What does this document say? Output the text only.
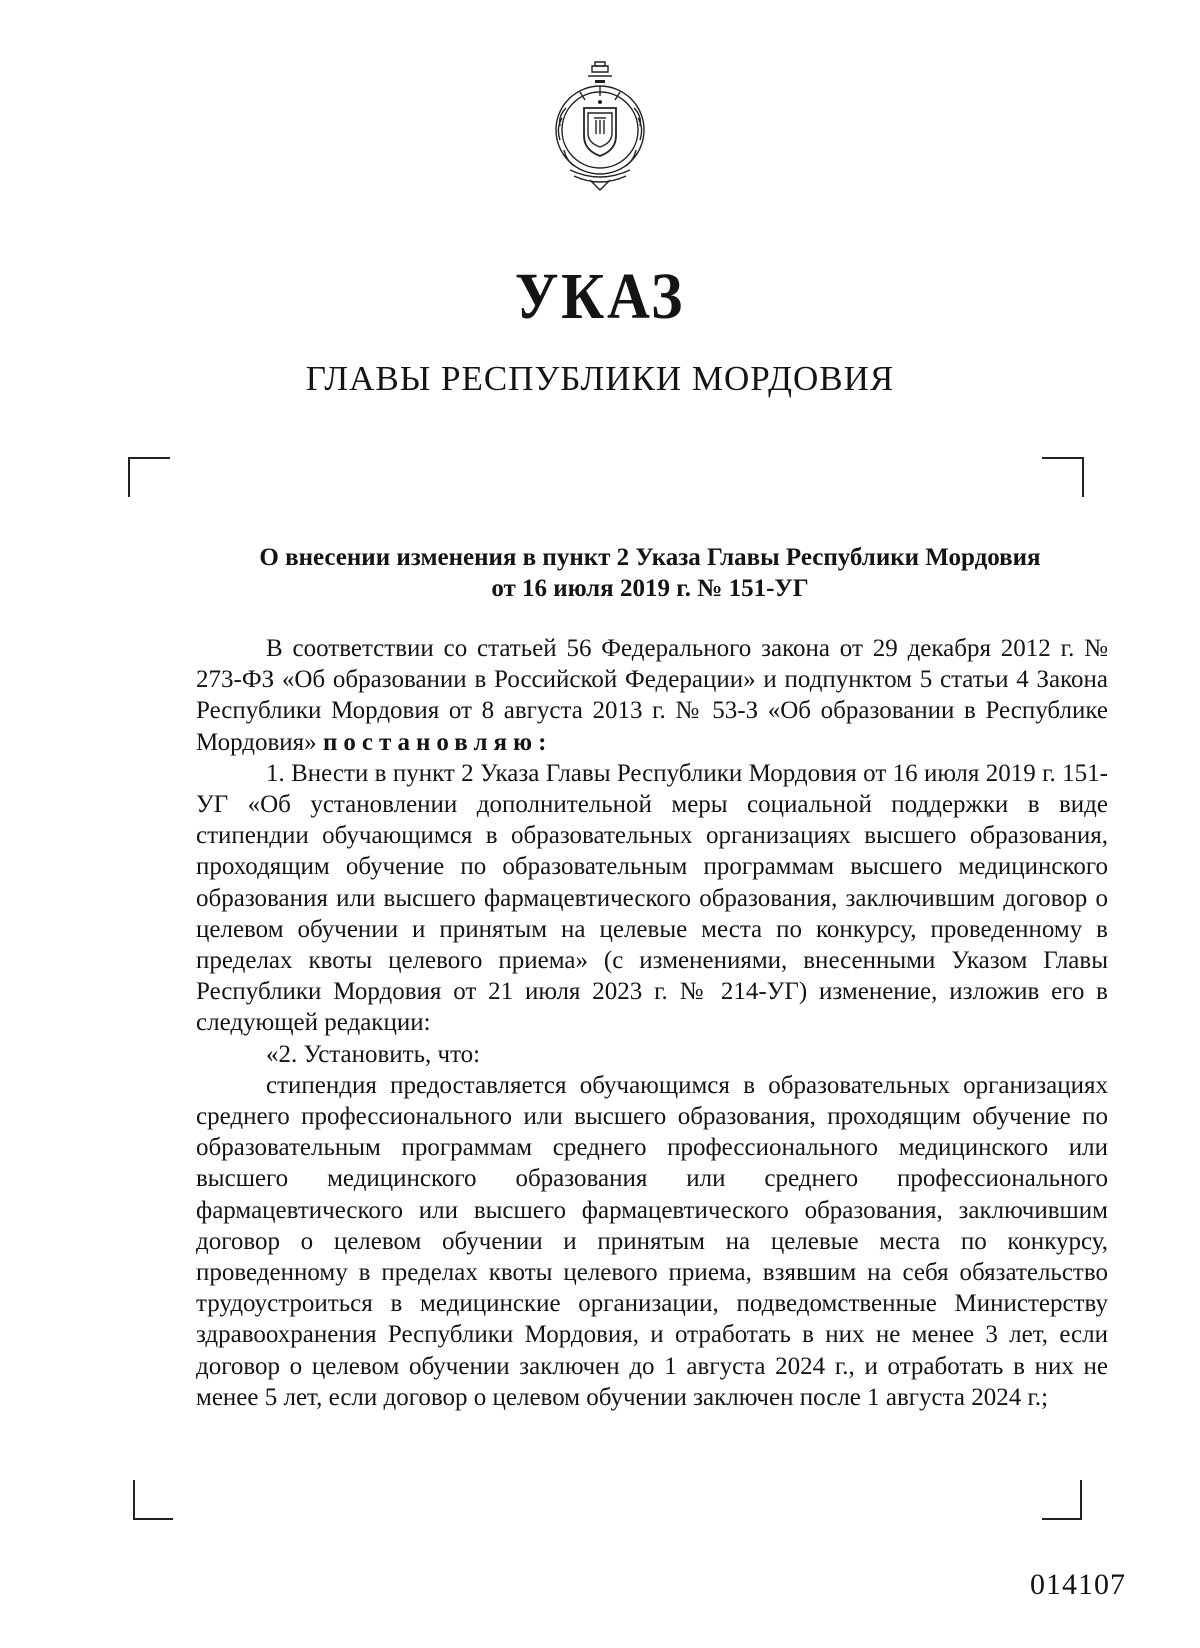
УКАЗ
ГЛАВЫ РЕСПУБЛИКИ МОРДОВИЯ
О внесении изменения в пункт 2 Указа Главы Республики Мордовия
от 16 июля 2019 г. № 151-УГ

В соответствии со статьей 56 Федерального закона от 29 декабря 2012 г. № 273-ФЗ «Об образовании в Российской Федерации» и подпунктом 5 статьи 4 Закона Республики Мордовия от 8 августа 2013 г. № 53-З «Об образовании в Республике Мордовия» постановляю:

1. Внести в пункт 2 Указа Главы Республики Мордовия от 16 июля 2019 г. 151-УГ «Об установлении дополнительной меры социальной поддержки в виде стипендии обучающимся в образовательных организациях высшего образования, проходящим обучение по образовательным программам высшего медицинского образования или высшего фармацевтического образования, заключившим договор о целевом обучении и принятым на целевые места по конкурсу, проведенному в пределах квоты целевого приема» (с изменениями, внесенными Указом Главы Республики Мордовия от 21 июля 2023 г. № 214-УГ) изменение, изложив его в следующей редакции:

«2. Установить, что:

стипендия предоставляется обучающимся в образовательных организациях среднего профессионального или высшего образования, проходящим обучение по образовательным программам среднего профессионального медицинского или высшего медицинского образования или среднего профессионального фармацевтического или высшего фармацевтического образования, заключившим договор о целевом обучении и принятым на целевые места по конкурсу, проведенному в пределах квоты целевого приема, взявшим на себя обязательство трудоустроиться в медицинские организации, подведомственные Министерству здравоохранения Республики Мордовия, и отработать в них не менее 3 лет, если договор о целевом обучении заключен до 1 августа 2024 г., и отработать в них не менее 5 лет, если договор о целевом обучении заключен после 1 августа 2024 г.;

014107
